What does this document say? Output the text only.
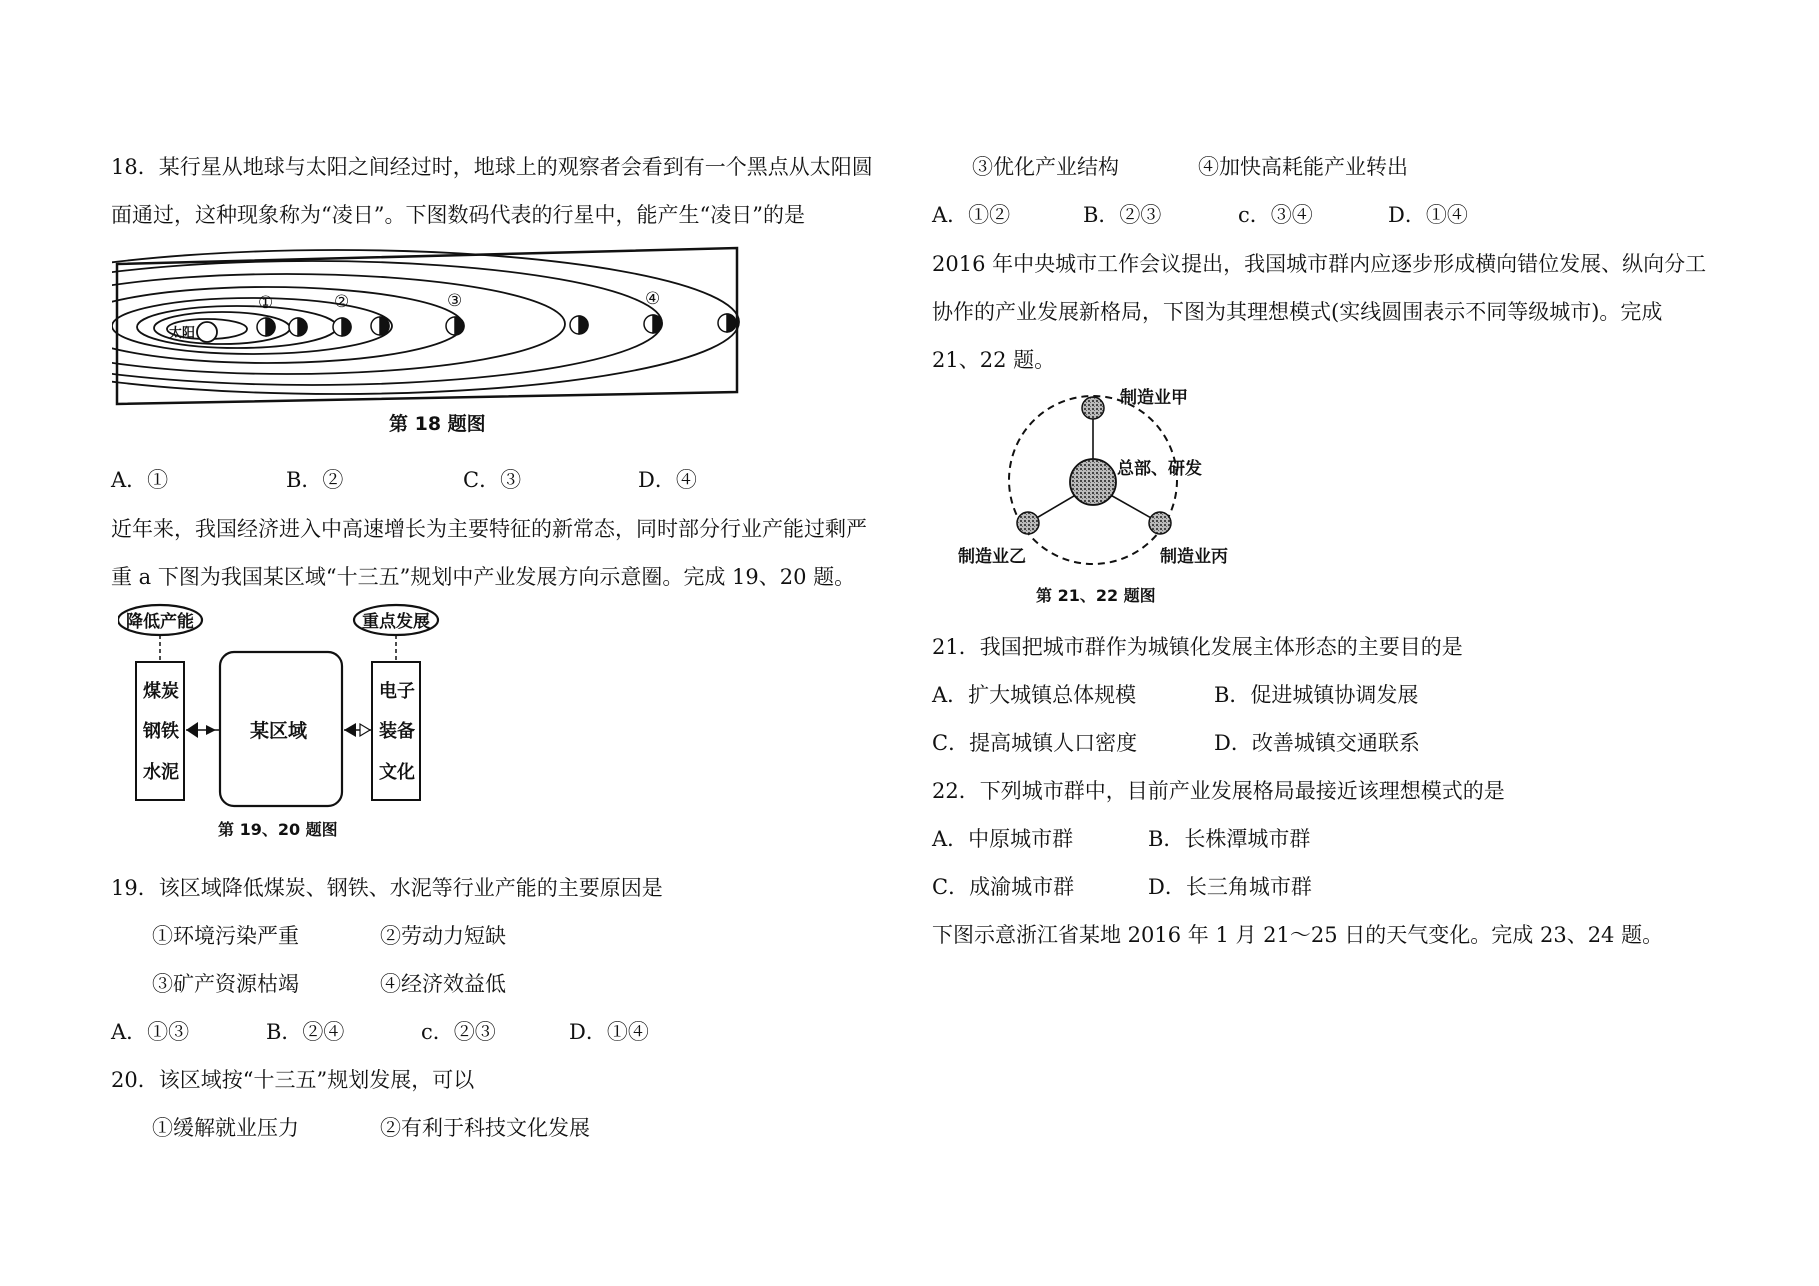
18．某行星从地球与太阳之间经过时，地球上的观察者会看到有一个黑点从太阳圆
面通过，这种现象称为“凌日”。下图数码代表的行星中，能产生“凌日”的是
太阳
①	②	③	④
第 18 题图
A．①	B．②	C．③	D．④
近年来，我国经济进入中高速增长为主要特征的新常态，同时部分行业产能过剩严
重 a 下图为我国某区域“十三五”规划中产业发展方向示意圈。完成 19、20 题。
降低产能	重点发展
煤炭
钢铁
水泥
某区域
电子
装备
文化
第 19、20 题图
19．该区域降低煤炭、钢铁、水泥等行业产能的主要原因是
①环境污染严重	②劳动力短缺
③矿产资源枯竭	④经济效益低
A．①③	B．②④	c．②③	D．①④
20．该区域按“十三五”规划发展，可以
①缓解就业压力	②有利于科技文化发展
③优化产业结构	④加快高耗能产业转出
A．①②	B．②③	c．③④	D．①④
2016 年中央城市工作会议提出，我国城市群内应逐步形成横向错位发展、纵向分工
协作的产业发展新格局，下图为其理想模式(实线圆围表示不同等级城市)。完成
21、22 题。
制造业甲
总部、研发
制造业乙	制造业丙
第 21、22 题图
21．我国把城市群作为城镇化发展主体形态的主要目的是
A．扩大城镇总体规模	B．促进城镇协调发展
C．提高城镇人口密度	D．改善城镇交通联系
22．下列城市群中，目前产业发展格局最接近该理想模式的是
A．中原城市群	B．长株潭城市群
C．成渝城市群	D．长三角城市群
下图示意浙江省某地 2016 年 1 月 21～25 日的天气变化。完成 23、24 题。
